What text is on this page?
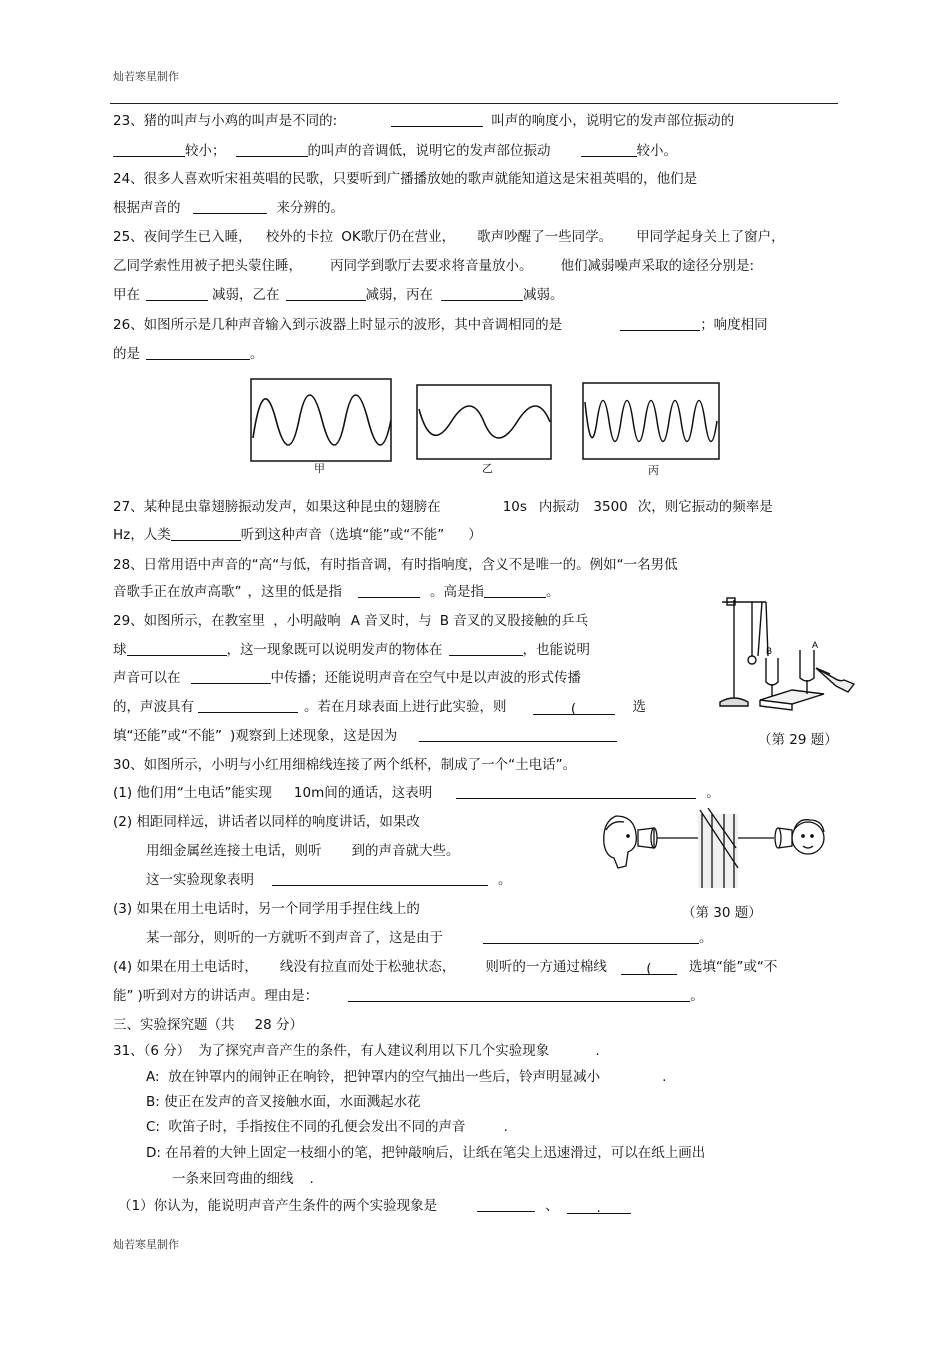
灿若寒星制作
23、猪的叫声与小鸡的叫声是不同的:	叫声的响度小，说明它的发声部位振动的
较小；	的叫声的音调低，说明它的发声部位振动	较小。
24、很多人喜欢听宋祖英唱的民歌，只要听到广播播放她的歌声就能知道这是宋祖英唱的，他们是
根据声音的	来分辨的。
25、夜间学生已入睡， 校外的卡拉 OK歌厅仍在营业， 歌声吵醒了一些同学。 甲同学起身关上了窗户，
乙同学索性用被子把头蒙住睡， 丙同学到歌厅去要求将音量放小。 他们减弱噪声采取的途径分别是:
甲在	减弱，乙在	减弱，丙在	减弱。
26、如图所示是几种声音输入到示波器上时显示的波形，其中音调相同的是	；响度相同
的是	。
甲	乙	丙
27、某种昆虫靠翅膀振动发声，如果这种昆虫的翅膀在	10s 内振动 3500 次，则它振动的频率是
Hz，人类	听到这种声音（选填“能”或“不能” ）
28、日常用语中声音的“高“与低，有时指音调，有时指响度，含义不是唯一的。例如“一名男低
音歌手正在放声高歌” ，这里的低是指	。高是指	。
29、如图所示，在教室里 ，小明敲响 A 音叉时，与 B 音叉的叉股接触的乒乓
球	，这一现象既可以说明发声的物体在	，也能说明
声音可以在	中传播；还能说明声音在空气中是以声波的形式传播
的，声波具有	。若在月球表面上进行此实验，则	(	选
填“还能”或“不能” )观察到上述现象，这是因为
B
A
（第 29 题）
30、如图所示，小明与小红用细棉线连接了两个纸杯，制成了一个“土电话”。
(1) 他们用“土电话”能实现 10m间的通话，这表明	。
(2) 相距同样远，讲话者以同样的响度讲话，如果改
用细金属丝连接土电话，则听 到的声音就大些。
这一实验现象表明	。
(3) 如果在用土电话时，另一个同学用手捏住线上的	（第 30 题）
某一部分，则听的一方就听不到声音了，这是由于	。
(4) 如果在用土电话时， 线没有拉直而处于松驰状态， 则听的一方通过棉线	(	选填“能”或“不
能” )听到对方的讲话声。理由是：	。
三、实验探究题（共 28 分）
31、（6 分） 为了探究声音产生的条件，有人建议利用以下几个实验现象	.
A:  放在钟罩内的闹钟正在响铃，把钟罩内的空气抽出一些后，铃声明显减小	.
B: 使正在发声的音叉接触水面，水面溅起水花
C:  吹笛子时，手指按住不同的孔便会发出不同的声音	.
D: 在吊着的大钟上固定一枝细小的笔，把钟敲响后，让纸在笔尖上迅速滑过，可以在纸上画出
一条来回弯曲的细线 .
（1）你认为，能说明声音产生条件的两个实验现象是	、	.
灿若寒星制作
